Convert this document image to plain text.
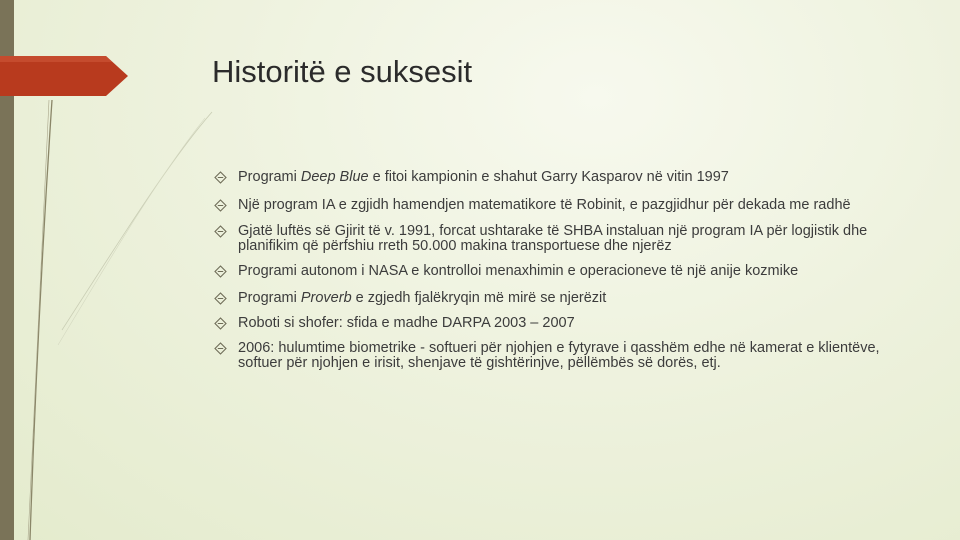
Historitë e suksesit
Programi Deep Blue e fitoi kampionin e shahut Garry Kasparov në vitin 1997
Një program IA e zgjidh hamendjen matematikore të Robinit, e pazgjidhur për dekada me radhë
Gjatë luftës së Gjirit të v. 1991, forcat ushtarake të SHBA instaluan një program IA për logjistik dhe planifikim që përfshiu rreth 50.000 makina transportuese dhe njerëz
Programi autonom i NASA e kontrolloi menaxhimin e operacioneve të një anije kozmike
Programi Proverb e zgjedh fjalëkryqin më mirë se njerëzit
Roboti si shofer: sfida e madhe DARPA 2003 – 2007
2006: hulumtime biometrike - softueri për njohjen e fytyrave i qasshëm edhe në kamerat e klientëve, softuer për njohjen e irisit, shenjave të gishtërinjve, pëllëmbës së dorës, etj.
